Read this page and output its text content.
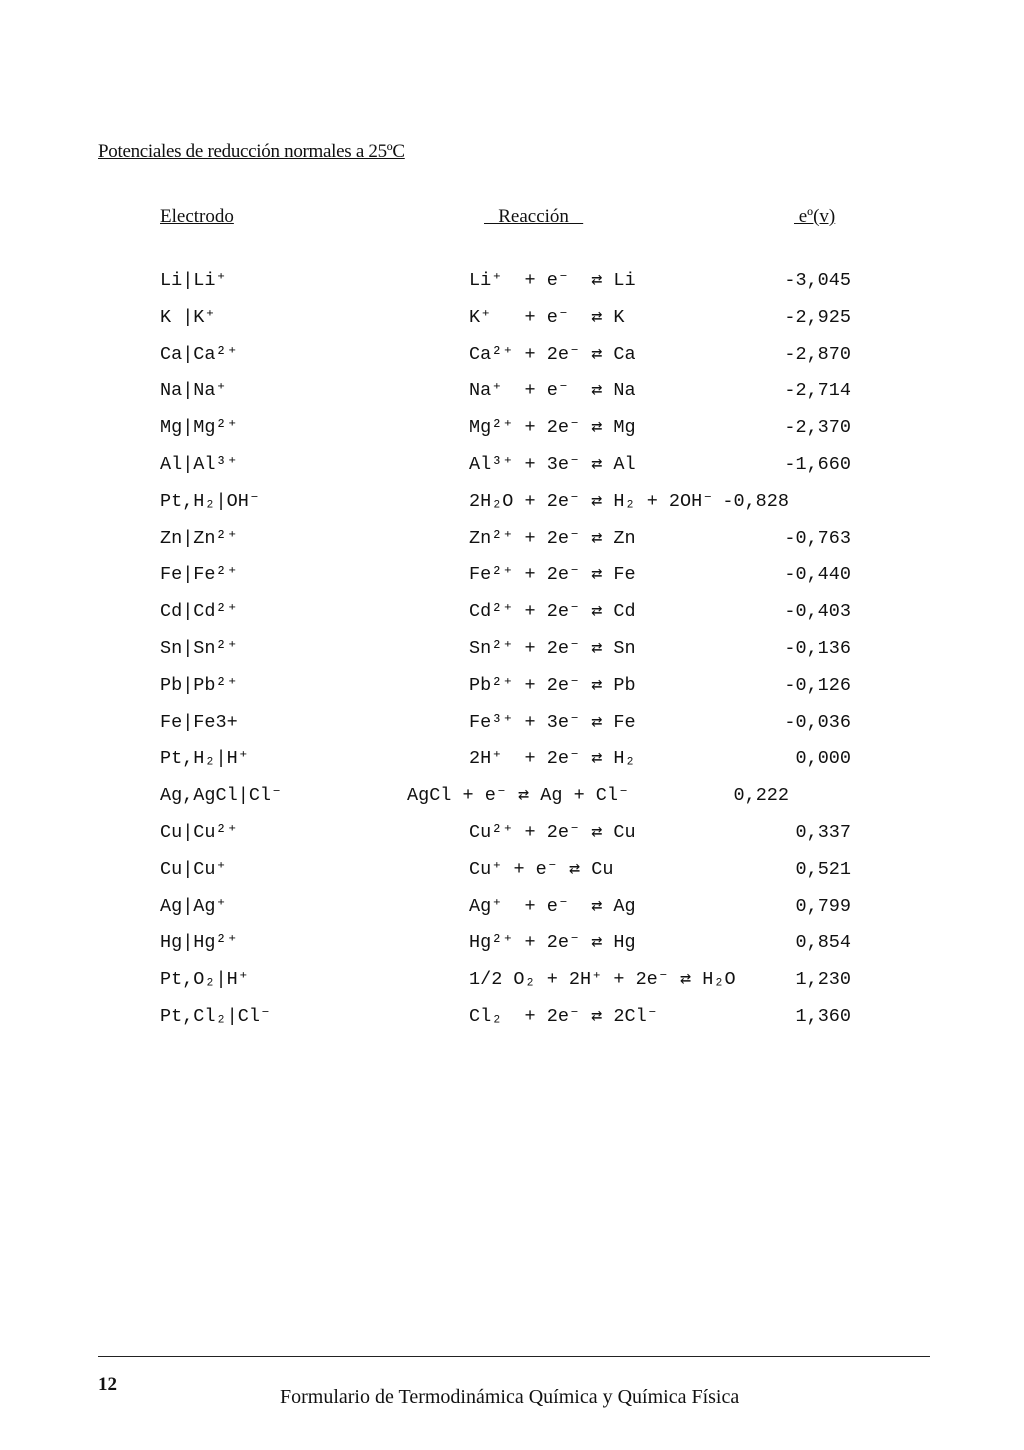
Potenciales de reducción normales a 25ºC
Electrodo	Reacción	eº(v)
Li|Li⁺	Li⁺  + e⁻  ⇄ Li	-3,045
K |K⁺	K⁺   + e⁻  ⇄ K	-2,925
Ca|Ca²⁺	Ca²⁺ + 2e⁻ ⇄ Ca	-2,870
Na|Na⁺	Na⁺  + e⁻  ⇄ Na	-2,714
Mg|Mg²⁺	Mg²⁺ + 2e⁻ ⇄ Mg	-2,370
Al|Al³⁺	Al³⁺ + 3e⁻ ⇄ Al	-1,660
Pt,H₂|OH⁻	2H₂O + 2e⁻ ⇄ H₂ + 2OH⁻ -0,828
Zn|Zn²⁺	Zn²⁺ + 2e⁻ ⇄ Zn	-0,763
Fe|Fe²⁺	Fe²⁺ + 2e⁻ ⇄ Fe	-0,440
Cd|Cd²⁺	Cd²⁺ + 2e⁻ ⇄ Cd	-0,403
Sn|Sn²⁺	Sn²⁺ + 2e⁻ ⇄ Sn	-0,136
Pb|Pb²⁺	Pb²⁺ + 2e⁻ ⇄ Pb	-0,126
Fe|Fe3+	Fe³⁺ + 3e⁻ ⇄ Fe	-0,036
Pt,H₂|H⁺	2H⁺  + 2e⁻ ⇄ H₂	0,000
Ag,AgCl|Cl⁻	AgCl + e⁻ ⇄ Ag + Cl⁻	0,222
Cu|Cu²⁺	Cu²⁺ + 2e⁻ ⇄ Cu	0,337
Cu|Cu⁺	Cu⁺ + e⁻ ⇄ Cu	0,521
Ag|Ag⁺	Ag⁺  + e⁻  ⇄ Ag	0,799
Hg|Hg²⁺	Hg²⁺ + 2e⁻ ⇄ Hg	0,854
Pt,O₂|H⁺	1/2 O₂ + 2H⁺ + 2e⁻ ⇄ H₂O	1,230
Pt,Cl₂|Cl⁻	Cl₂  + 2e⁻ ⇄ 2Cl⁻	1,360
12
Formulario de Termodinámica Química y Química Física
